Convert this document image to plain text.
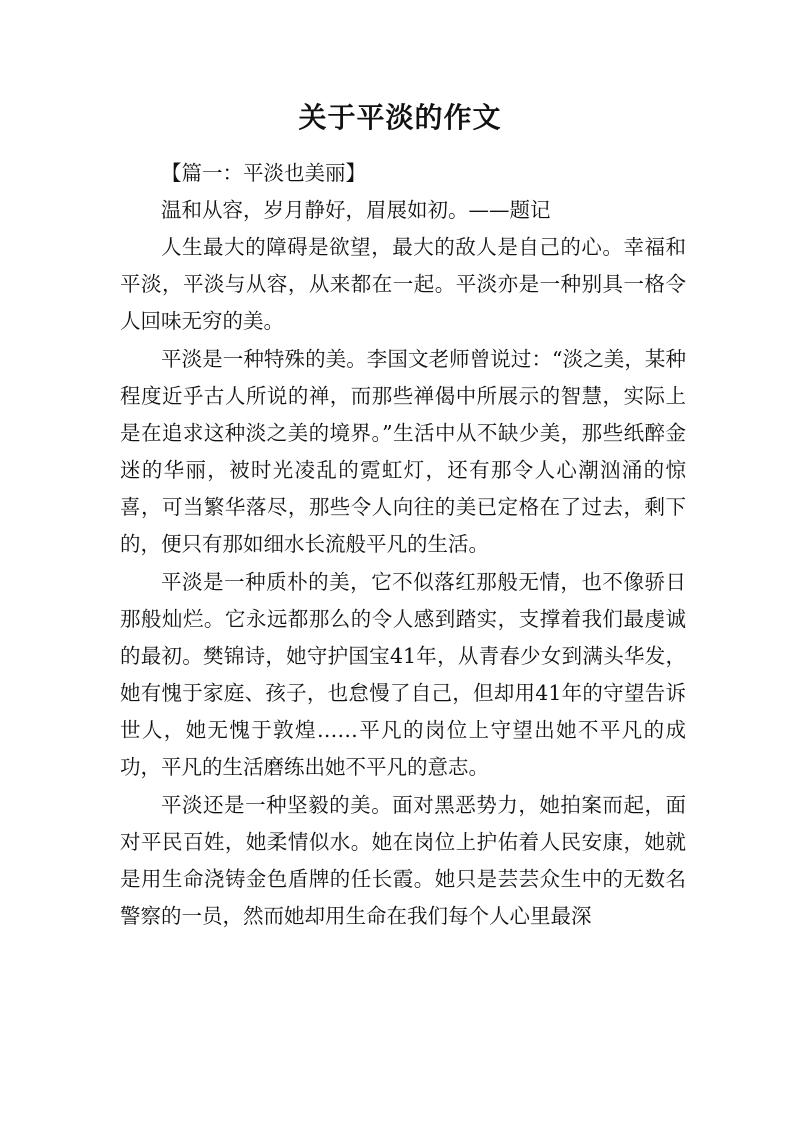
关于平淡的作文

【篇一：平淡也美丽】

温和从容，岁月静好，眉展如初。——题记

人生最大的障碍是欲望，最大的敌人是自己的心。幸福和平淡，平淡与从容，从来都在一起。平淡亦是一种别具一格令人回味无穷的美。

平淡是一种特殊的美。李国文老师曾说过：“淡之美，某种程度近乎古人所说的禅，而那些禅偈中所展示的智慧，实际上是在追求这种淡之美的境界。”生活中从不缺少美，那些纸醉金迷的华丽，被时光凌乱的霓虹灯，还有那令人心潮汹涌的惊喜，可当繁华落尽，那些令人向往的美已定格在了过去，剩下的，便只有那如细水长流般平凡的生活。

平淡是一种质朴的美，它不似落红那般无情，也不像骄日那般灿烂。它永远都那么的令人感到踏实，支撑着我们最虔诚的最初。樊锦诗，她守护国宝41年，从青春少女到满头华发，她有愧于家庭、孩子，也怠慢了自己，但却用41年的守望告诉世人，她无愧于敦煌……平凡的岗位上守望出她不平凡的成功，平凡的生活磨练出她不平凡的意志。

平淡还是一种坚毅的美。面对黑恶势力，她拍案而起，面对平民百姓，她柔情似水。她在岗位上护佑着人民安康，她就是用生命浇铸金色盾牌的任长霞。她只是芸芸众生中的无数名警察的一员，然而她却用生命在我们每个人心里最深
